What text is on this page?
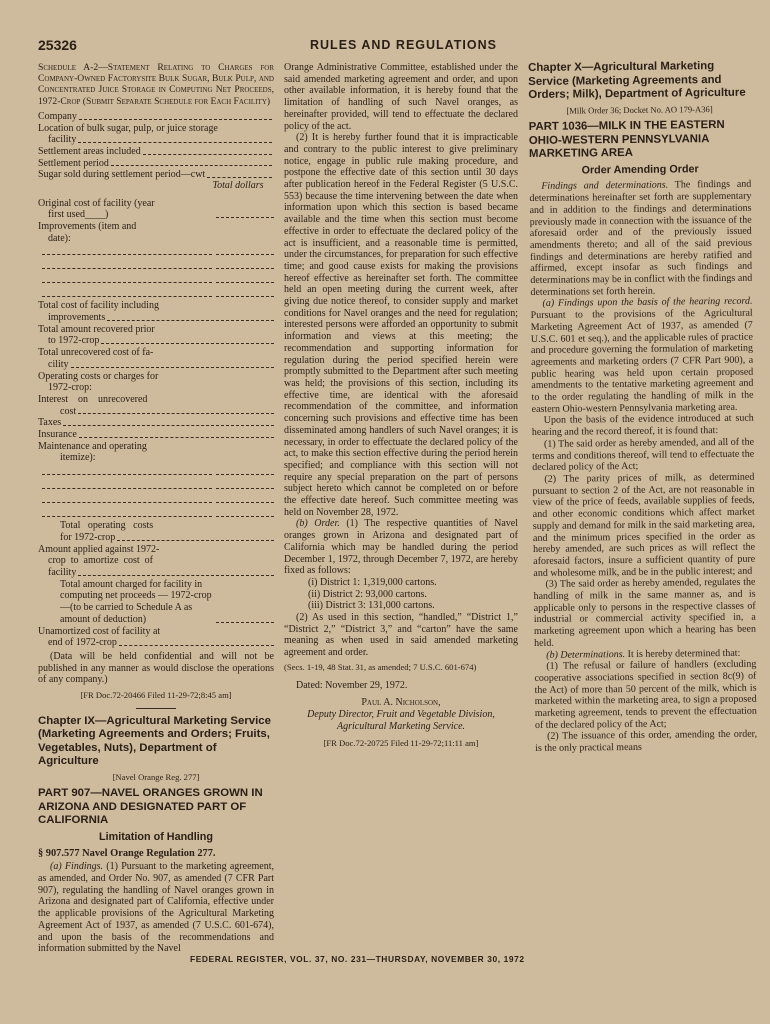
25326	RULES AND REGULATIONS

Schedule A-2—Statement Relating to Charges for Company-Owned Factorysite Bulk Sugar, Bulk Pulp, and Concentrated Juice Storage in Computing Net Proceeds, 1972-Crop (Submit Separate Schedule for Each Facility)

Company
Location of bulk sugar, pulp, or juice storage
facility
Settlement areas included
Settlement period
Sugar sold during settlement period—cwt
Total dollars
Original cost of facility (year
first used____)
Improvements (item and
date):
Total cost of facility including
improvements
Total amount recovered prior
to 1972-crop
Total unrecovered cost of fa-
cility
Operating costs or charges for
1972-crop:
Interest    on    unrecovered
cost
Taxes
Insurance
Maintenance and operating
itemize):
Total   operating   costs
for 1972-crop
Amount applied against 1972-
crop  to  amortize  cost  of
facility
Total amount charged for facility in computing net proceeds — 1972-crop—(to be carried to Schedule A as amount of deduction)
Unamortized cost of facility at
end of 1972-crop

(Data will be held confidential and will not be published in any manner as would disclose the operations of any company.)

[FR Doc.72-20466 Filed 11-29-72;8:45 am]

Chapter IX—Agricultural Marketing Service (Marketing Agreements and Orders; Fruits, Vegetables, Nuts), Department of Agriculture

[Navel Orange Reg. 277]

PART 907—NAVEL ORANGES GROWN IN ARIZONA AND DESIGNATED PART OF CALIFORNIA
Limitation of Handling

§ 907.577 Navel Orange Regulation 277.

(a) Findings. (1) Pursuant to the marketing agreement, as amended, and Order No. 907, as amended (7 CFR Part 907), regulating the handling of Navel oranges grown in Arizona and designated part of California, effective under the applicable provisions of the Agricultural Marketing Agreement Act of 1937, as amended (7 U.S.C. 601-674), and upon the basis of the recommendations and information submitted by the Navel

Orange Administrative Committee, established under the said amended marketing agreement and order, and upon other available information, it is hereby found that the limitation of handling of such Navel oranges, as hereinafter provided, will tend to effectuate the declared policy of the act.

(2) It is hereby further found that it is impracticable and contrary to the public interest to give preliminary notice, engage in public rule making procedure, and postpone the effective date of this section until 30 days after publication hereof in the Federal Register (5 U.S.C. 553) because the time intervening between the date when information upon which this section is based became available and the time when this section must become effective in order to effectuate the declared policy of the act is insufficient, and a reasonable time is permitted, under the circumstances, for preparation for such effective time; and good cause exists for making the provisions hereof effective as hereinafter set forth. The committee held an open meeting during the current week, after giving due notice thereof, to consider supply and market conditions for Navel oranges and the need for regulation; interested persons were afforded an opportunity to submit information and views at this meeting; the recommendation and supporting information for regulation during the period specified herein were promptly submitted to the Department after such meeting was held; the provisions of this section, including its effective time, are identical with the aforesaid recommendation of the committee, and information concerning such provisions and effective time has been disseminated among handlers of such Navel oranges; it is necessary, in order to effectuate the declared policy of the act, to make this section effective during the period herein specified; and compliance with this section will not require any special preparation on the part of persons subject hereto which cannot be completed on or before the effective date hereof. Such committee meeting was held on November 28, 1972.

(b) Order. (1) The respective quantities of Navel oranges grown in Arizona and designated part of California which may be handled during the period December 1, 1972, through December 7, 1972, are hereby fixed as follows:

(i) District 1: 1,319,000 cartons.

(ii) District 2: 93,000 cartons.

(iii) District 3: 131,000 cartons.

(2) As used in this section, “handled,” “District 1,” “District 2,” “District 3,” and “carton” have the same meaning as when used in said amended marketing agreement and order.

(Secs. 1-19, 48 Stat. 31, as amended; 7 U.S.C. 601-674)

Dated: November 29, 1972.

Paul A. Nicholson,
Deputy Director, Fruit and Vegetable Division, Agricultural Marketing Service.

[FR Doc.72-20725 Filed 11-29-72;11:11 am]

Chapter X—Agricultural Marketing Service (Marketing Agreements and Orders; Milk), Department of Agriculture

[Milk Order 36; Docket No. AO 179-A36]

PART 1036—MILK IN THE EASTERN OHIO-WESTERN PENNSYLVANIA MARKETING AREA
Order Amending Order

Findings and determinations. The findings and determinations hereinafter set forth are supplementary and in addition to the findings and determinations previously made in connection with the issuance of the aforesaid order and of the previously issued amendments thereto; and all of the said previous findings and determinations are hereby ratified and affirmed, except insofar as such findings and determinations may be in conflict with the findings and determinations set forth herein.

(a) Findings upon the basis of the hearing record. Pursuant to the provisions of the Agricultural Marketing Agreement Act of 1937, as amended (7 U.S.C. 601 et seq.), and the applicable rules of practice and procedure governing the formulation of marketing agreements and marketing orders (7 CFR Part 900), a public hearing was held upon certain proposed amendments to the tentative marketing agreement and to the order regulating the handling of milk in the eastern Ohio-western Pennsylvania marketing area.

Upon the basis of the evidence introduced at such hearing and the record thereof, it is found that:

(1) The said order as hereby amended, and all of the terms and conditions thereof, will tend to effectuate the declared policy of the Act;

(2) The parity prices of milk, as determined pursuant to section 2 of the Act, are not reasonable in view of the price of feeds, available supplies of feeds, and other economic conditions which affect market supply and demand for milk in the said marketing area, and the minimum prices specified in the order as hereby amended, are such prices as will reflect the aforesaid factors, insure a sufficient quantity of pure and wholesome milk, and be in the public interest; and

(3) The said order as hereby amended, regulates the handling of milk in the same manner as, and is applicable only to persons in the respective classes of industrial or commercial activity specified in, a marketing agreement upon which a hearing has been held.

(b) Determinations. It is hereby determined that:

(1) The refusal or failure of handlers (excluding cooperative associations specified in section 8c(9) of the Act) of more than 50 percent of the milk, which is marketed within the marketing area, to sign a proposed marketing agreement, tends to prevent the effectuation of the declared policy of the Act;

(2) The issuance of this order, amending the order, is the only practical means

FEDERAL REGISTER, VOL. 37, NO. 231—THURSDAY, NOVEMBER 30, 1972
